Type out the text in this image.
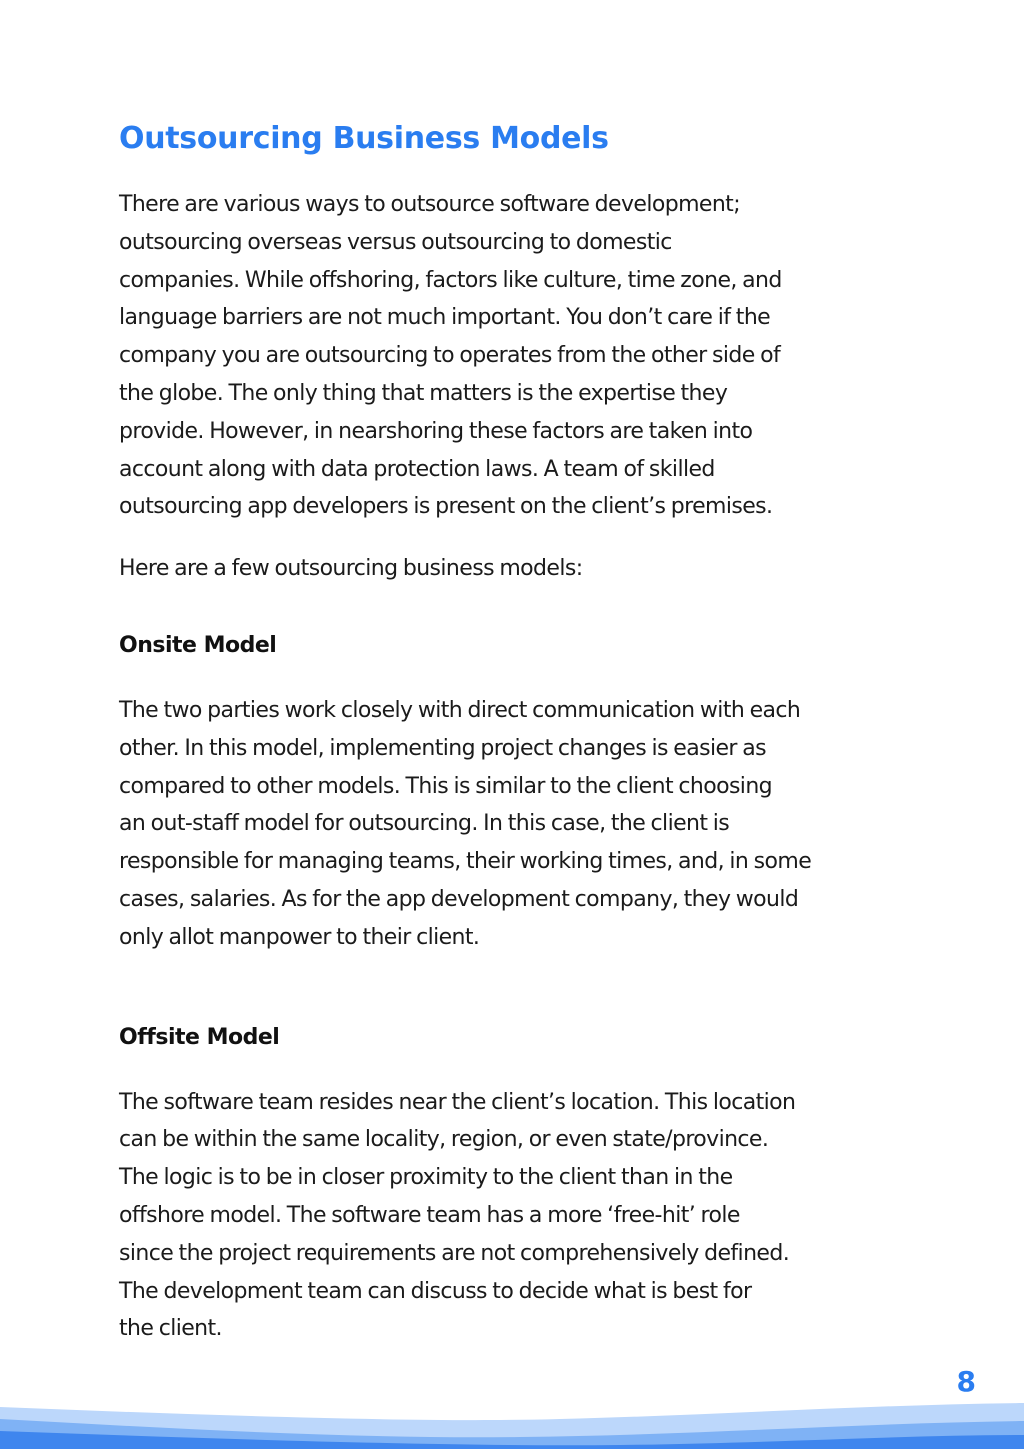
Outsourcing Business Models

There are various ways to outsource software development;
outsourcing overseas versus outsourcing to domestic
companies. While offshoring, factors like culture, time zone, and
language barriers are not much important. You don’t care if the
company you are outsourcing to operates from the other side of
the globe. The only thing that matters is the expertise they
provide. However, in nearshoring these factors are taken into
account along with data protection laws. A team of skilled
outsourcing app developers is present on the client’s premises.

Here are a few outsourcing business models:

Onsite Model

The two parties work closely with direct communication with each
other. In this model, implementing project changes is easier as
compared to other models. This is similar to the client choosing
an out-staff model for outsourcing. In this case, the client is
responsible for managing teams, their working times, and, in some
cases, salaries. As for the app development company, they would
only allot manpower to their client.

Offsite Model

The software team resides near the client’s location. This location
can be within the same locality, region, or even state/province.
The logic is to be in closer proximity to the client than in the
offshore model. The software team has a more ‘free-hit’ role
since the project requirements are not comprehensively defined.
The development team can discuss to decide what is best for
the client.

8
